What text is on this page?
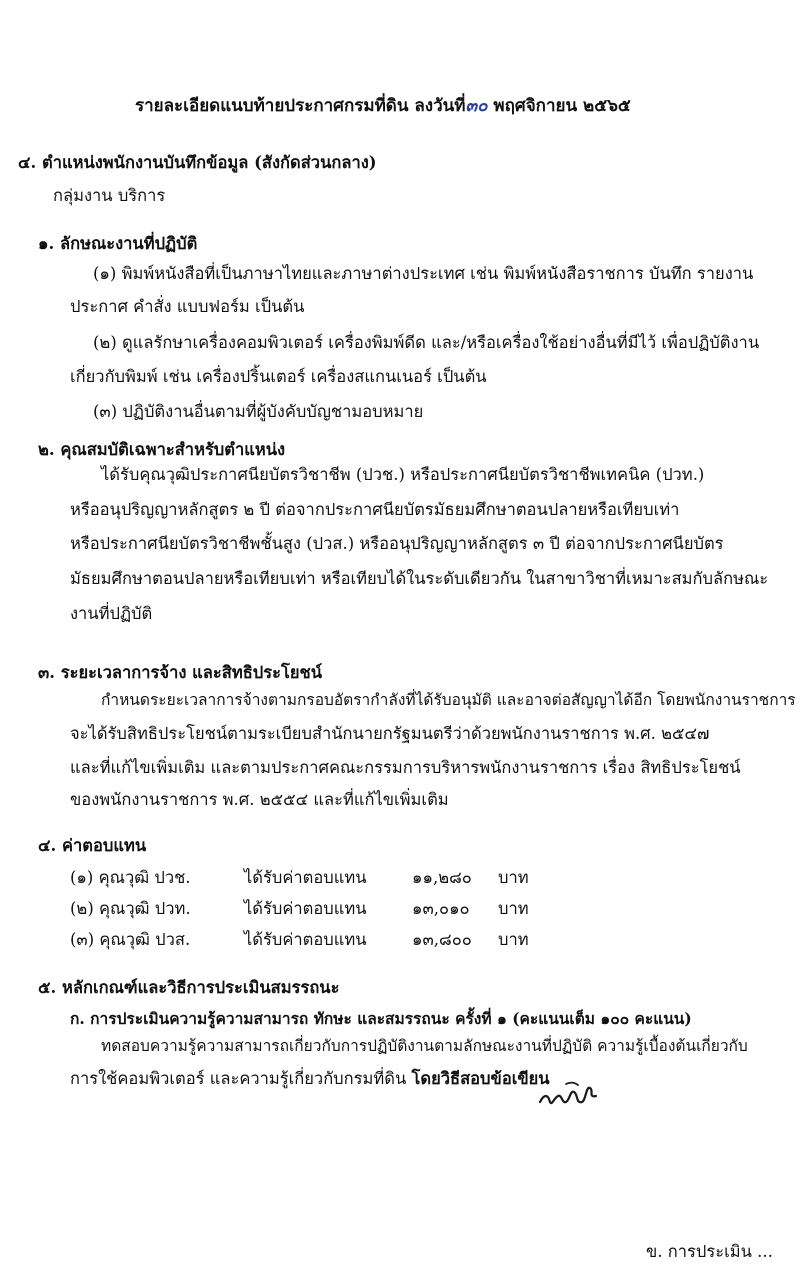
รายละเอียดแนบท้ายประกาศกรมที่ดิน ลงวันที่๓๐ พฤศจิกายน ๒๕๖๕
๔. ตำแหน่งพนักงานบันทึกข้อมูล (สังกัดส่วนกลาง)
กลุ่มงาน บริการ
๑. ลักษณะงานที่ปฏิบัติ
(๑) พิมพ์หนังสือที่เป็นภาษาไทยและภาษาต่างประเทศ เช่น พิมพ์หนังสือราชการ บันทึก รายงาน
ประกาศ คำสั่ง แบบฟอร์ม เป็นต้น
(๒) ดูแลรักษาเครื่องคอมพิวเตอร์ เครื่องพิมพ์ดีด และ/หรือเครื่องใช้อย่างอื่นที่มีไว้ เพื่อปฏิบัติงาน
เกี่ยวกับพิมพ์ เช่น เครื่องปริ้นเตอร์ เครื่องสแกนเนอร์ เป็นต้น
(๓) ปฏิบัติงานอื่นตามที่ผู้บังคับบัญชามอบหมาย
๒. คุณสมบัติเฉพาะสำหรับตำแหน่ง
ได้รับคุณวุฒิประกาศนียบัตรวิชาชีพ (ปวช.) หรือประกาศนียบัตรวิชาชีพเทคนิค (ปวท.)
หรืออนุปริญญาหลักสูตร ๒ ปี ต่อจากประกาศนียบัตรมัธยมศึกษาตอนปลายหรือเทียบเท่า
หรือประกาศนียบัตรวิชาชีพชั้นสูง (ปวส.) หรืออนุปริญญาหลักสูตร ๓ ปี ต่อจากประกาศนียบัตร
มัธยมศึกษาตอนปลายหรือเทียบเท่า หรือเทียบได้ในระดับเดียวกัน ในสาขาวิชาที่เหมาะสมกับลักษณะ
งานที่ปฏิบัติ
๓. ระยะเวลาการจ้าง และสิทธิประโยชน์
กำหนดระยะเวลาการจ้างตามกรอบอัตรากำลังที่ได้รับอนุมัติ และอาจต่อสัญญาได้อีก โดยพนักงานราชการ
จะได้รับสิทธิประโยชน์ตามระเบียบสำนักนายกรัฐมนตรีว่าด้วยพนักงานราชการ พ.ศ. ๒๕๔๗
และที่แก้ไขเพิ่มเติม และตามประกาศคณะกรรมการบริหารพนักงานราชการ เรื่อง สิทธิประโยชน์
ของพนักงานราชการ พ.ศ. ๒๕๕๔ และที่แก้ไขเพิ่มเติม
๔. ค่าตอบแทน
(๑) คุณวุฒิ ปวช.	ได้รับค่าตอบแทน	๑๑,๒๘๐ บาท
(๒) คุณวุฒิ ปวท.	ได้รับค่าตอบแทน	๑๓,๐๑๐ บาท
(๓) คุณวุฒิ ปวส.	ได้รับค่าตอบแทน	๑๓,๘๐๐ บาท
๕. หลักเกณฑ์และวิธีการประเมินสมรรถนะ
ก. การประเมินความรู้ความสามารถ ทักษะ และสมรรถนะ ครั้งที่ ๑ (คะแนนเต็ม ๑๐๐ คะแนน)
ทดสอบความรู้ความสามารถเกี่ยวกับการปฏิบัติงานตามลักษณะงานที่ปฏิบัติ ความรู้เบื้องต้นเกี่ยวกับ
การใช้คอมพิวเตอร์ และความรู้เกี่ยวกับกรมที่ดิน โดยวิธีสอบข้อเขียน
ข. การประเมิน ...
